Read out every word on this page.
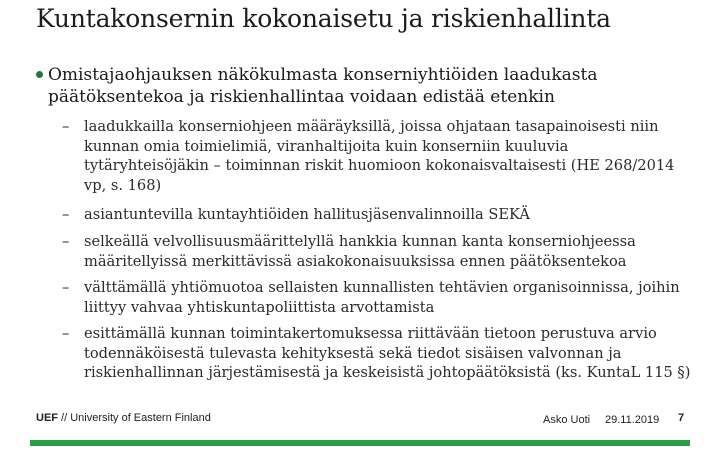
Kuntakonsernin kokonaisetu ja riskienhallinta
Omistajaohjauksen näkökulmasta konserniyhtiöiden laadukasta päätöksentekoa ja riskienhallintaa voidaan edistää etenkin
–	laadukkailla konserniohjeen määräyksillä, joissa ohjataan tasapainoisesti niin kunnan omia toimielimiä, viranhaltijoita kuin konserniin kuuluvia tytäryhteisöjäkin – toiminnan riskit huomioon kokonaisvaltaisesti (HE 268/2014 vp, s. 168)
–	asiantuntevilla kuntayhtiöiden hallitusjäsenvalinnoilla SEKÄ
–	selkeällä velvollisuusmäärittelyllä hankkia kunnan kanta konserniohjeessa määritellyissä merkittävissä asiakokonaisuuksissa ennen päätöksentekoa
–	välttämällä yhtiömuotoa sellaisten kunnallisten tehtävien organisoinnissa, joihin liittyy vahvaa yhtiskuntapoliittista arvottamista
–	esittämällä kunnan toimintakertomuksessa riittävään tietoon perustuva arvio todennäköisestä tulevasta kehityksestä sekä tiedot sisäisen valvonnan ja riskienhallinnan järjestämisestä ja keskeisistä johtopäätöksistä (ks. KuntaL 115 §)
UEF // University of Eastern Finland	Asko Uoti 29.11.2019 7
